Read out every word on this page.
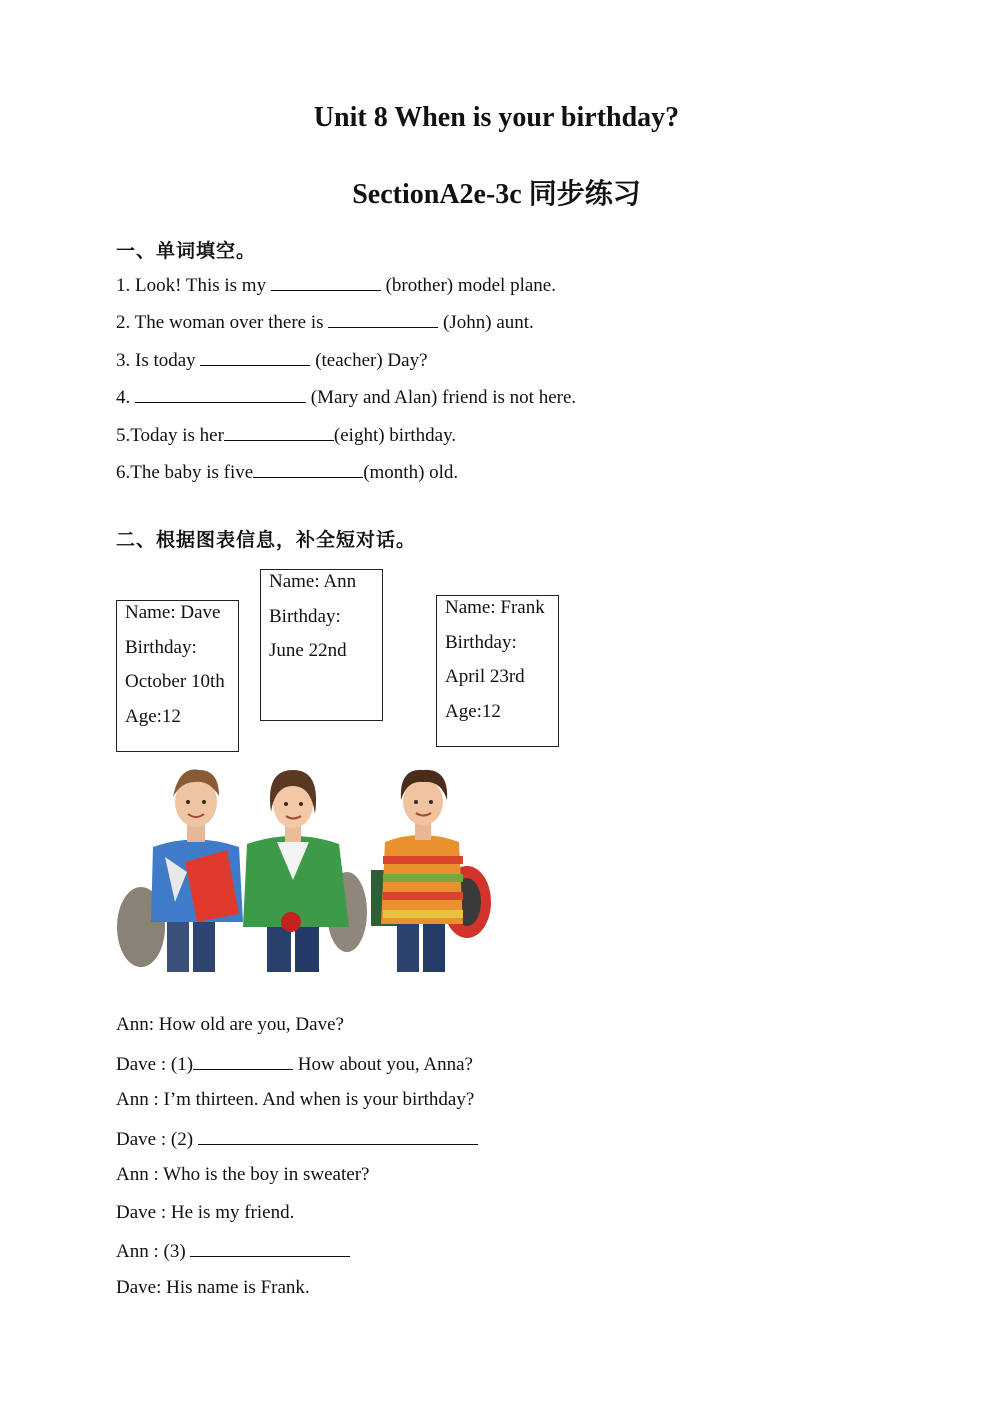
Unit 8 When is your birthday?
SectionA2e-3c 同步练习
一、单词填空。
1. Look! This is my	(brother) model plane.
2. The woman over there is	(John) aunt.
3. Is today	(teacher) Day?
4.	(Mary and Alan) friend is not here.
5.Today is her	(eight) birthday.
6.The baby is five	(month) old.
二、根据图表信息，补全短对话。
Name: Dave
Birthday:
October 10th
Age:12
Name: Ann
Birthday:
June 22nd
Name: Frank
Birthday:
April 23rd
Age:12
Ann: How old are you, Dave?
Dave : (1)	How about you, Anna?
Ann : I’m thirteen. And when is your birthday?
Dave : (2)
Ann : Who is the boy in sweater?
Dave : He is my friend.
Ann : (3)
Dave: His name is Frank.
